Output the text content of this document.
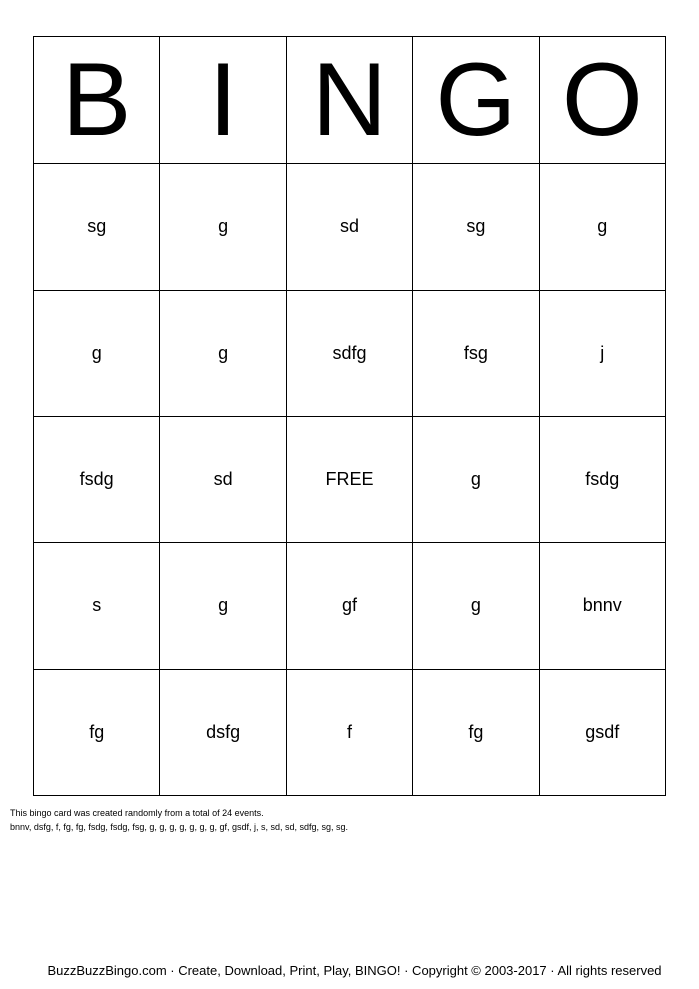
B	I	N	G	O
sg	g	sd	sg	g
g	g	sdfg	fsg	j
fsdg	sd	FREE	g	fsdg
s	g	gf	g	bnnv
fg	dsfg	f	fg	gsdf
This bingo card was created randomly from a total of 24 events.
bnnv, dsfg, f, fg, fg, fsdg, fsdg, fsg, g, g, g, g, g, g, g, gf, gsdf, j, s, sd, sd, sdfg, sg, sg.
BuzzBuzzBingo.com · Create, Download, Print, Play, BINGO! · Copyright © 2003-2017 · All rights reserved
